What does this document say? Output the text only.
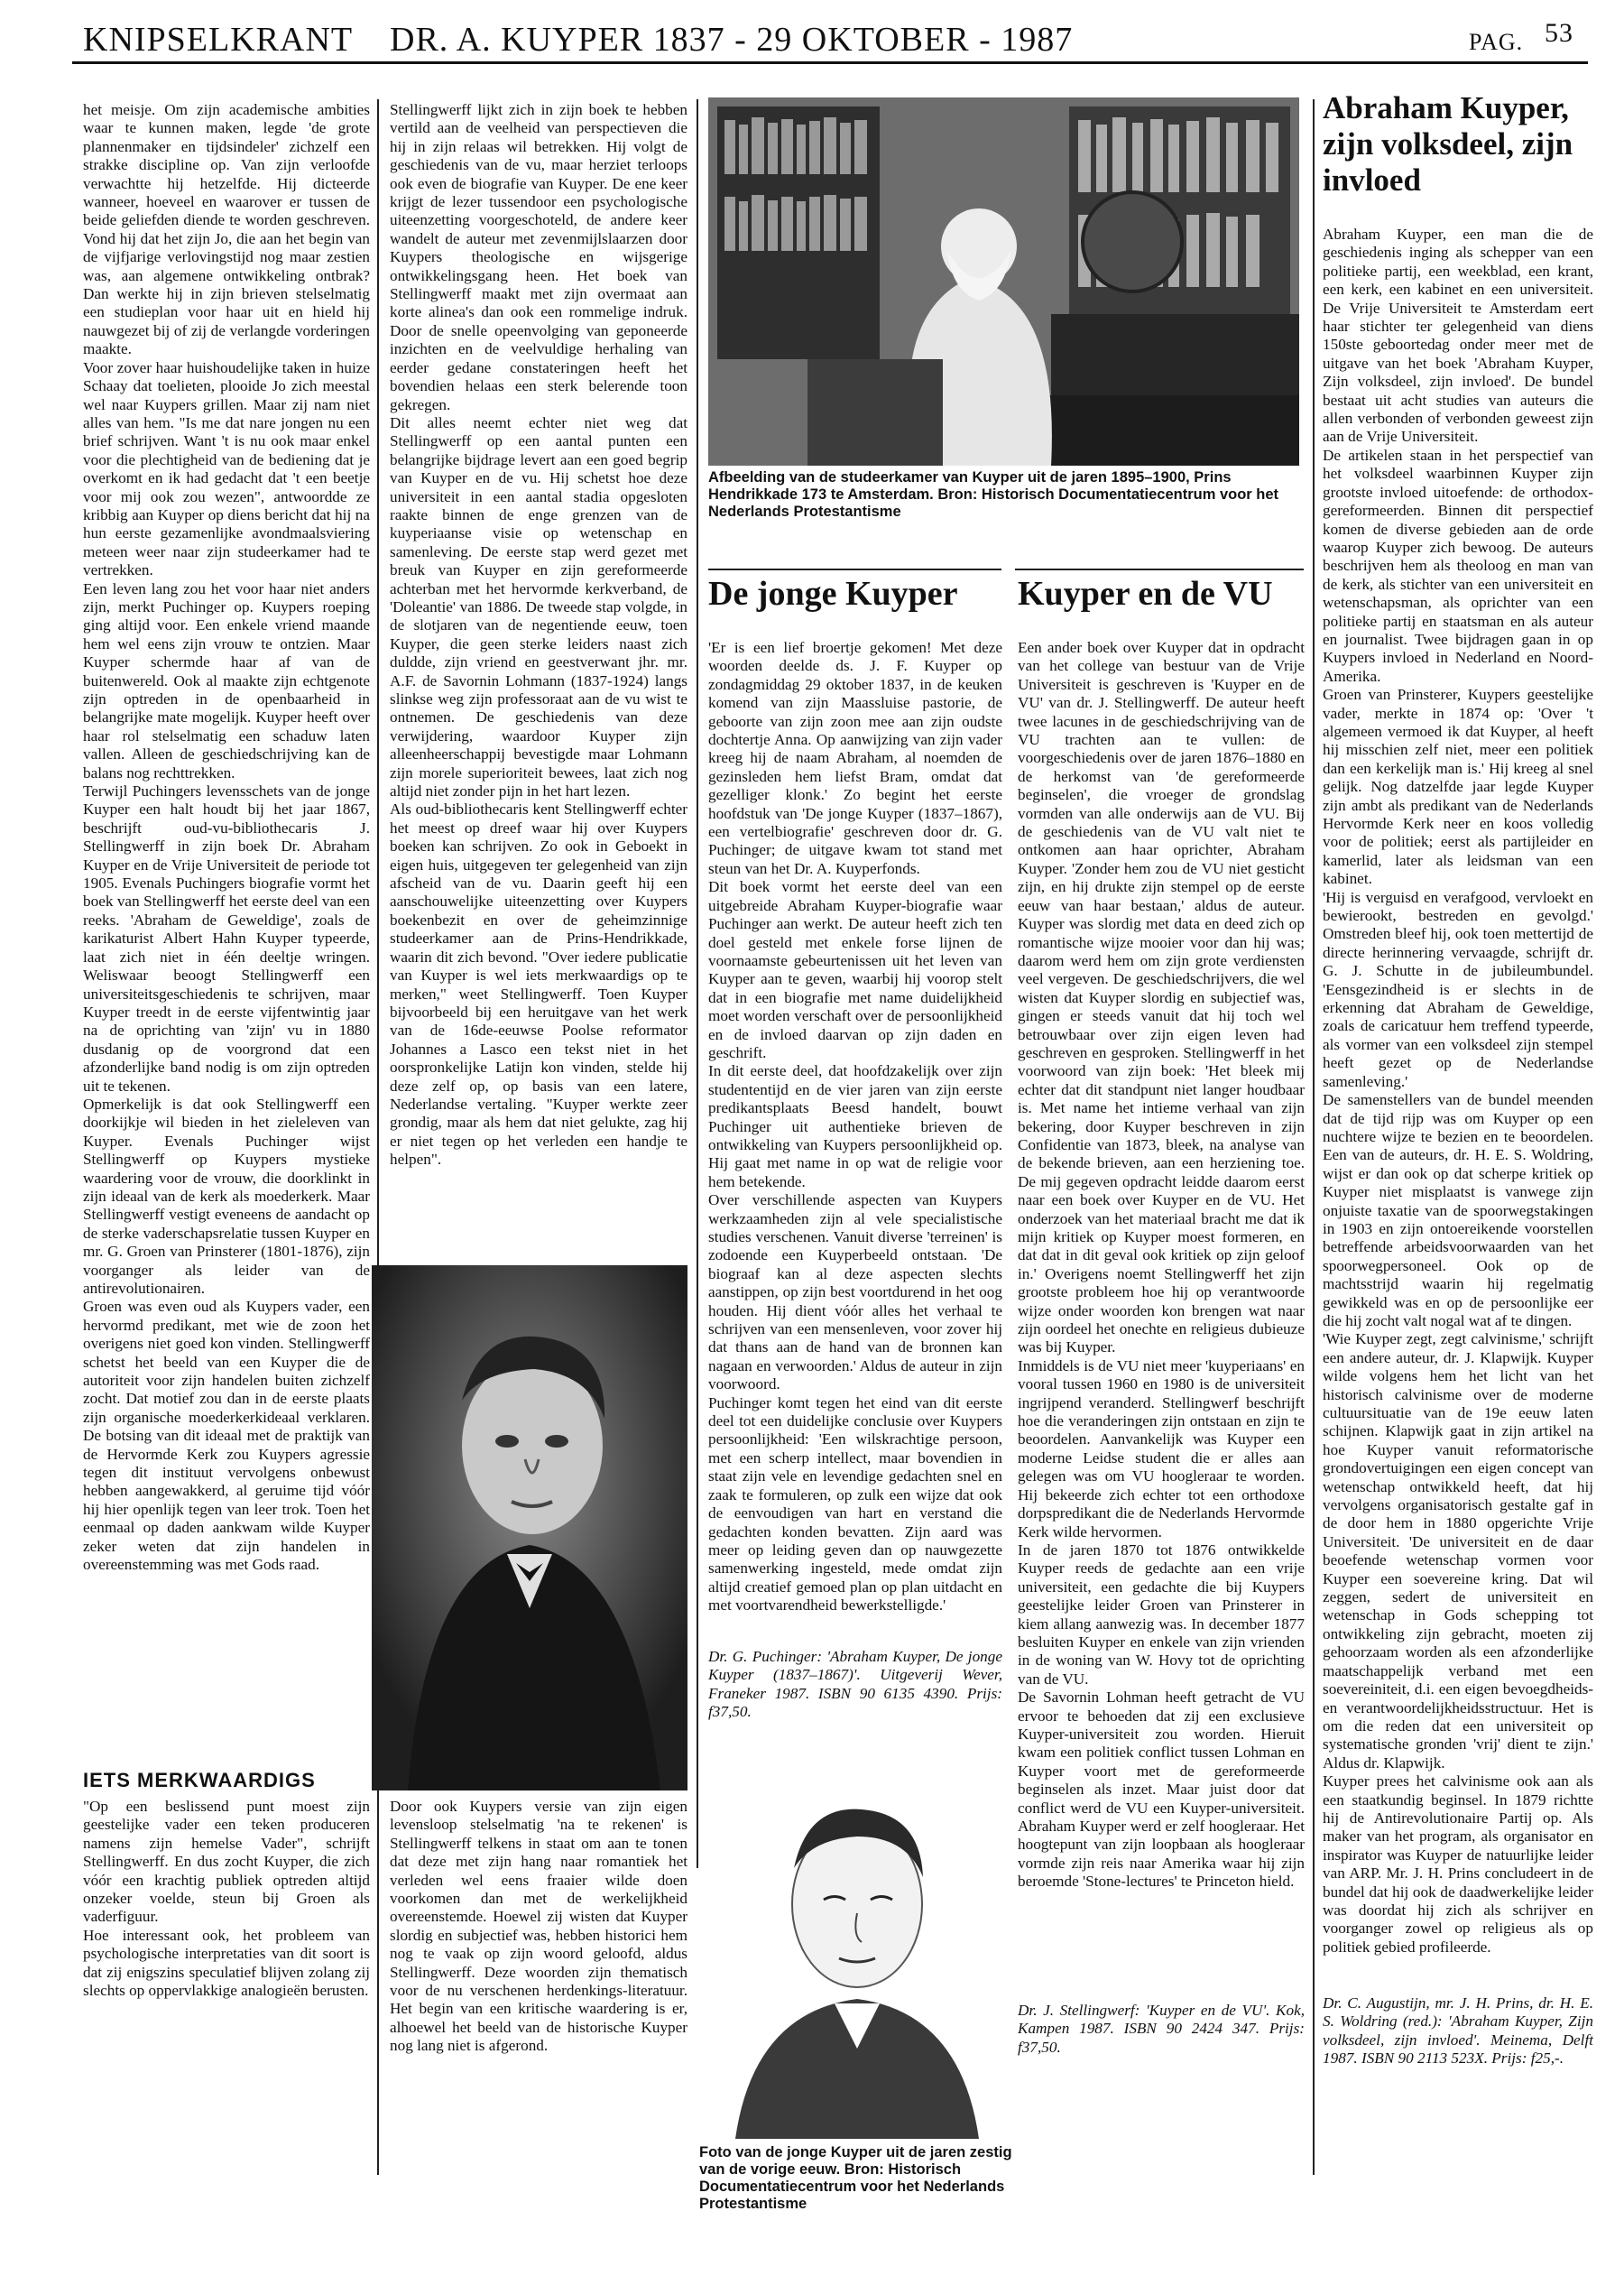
KNIPSELKRANT DR. A. KUYPER 1837 - 29 OKTOBER - 1987	PAG. 53

het meisje. Om zijn academische ambities waar te kunnen maken, legde 'de grote plannenmaker en tijdsindeler' zichzelf een strakke discipline op. Van zijn verloofde verwachtte hij hetzelfde. Hij dicteerde wanneer, hoeveel en waarover er tussen de beide geliefden diende te worden geschreven. Vond hij dat het zijn Jo, die aan het begin van de vijfjarige verlovingstijd nog maar zestien was, aan algemene ontwikkeling ontbrak? Dan werkte hij in zijn brieven stelselmatig een studieplan voor haar uit en hield hij nauwgezet bij of zij de verlangde vorderingen maakte.

Voor zover haar huishoudelijke taken in huize Schaay dat toelieten, plooide Jo zich meestal wel naar Kuypers grillen. Maar zij nam niet alles van hem. "Is me dat nare jongen nu een brief schrijven. Want 't is nu ook maar enkel voor die plechtigheid van de bediening dat je overkomt en ik had gedacht dat 't een beetje voor mij ook zou wezen", antwoordde ze kribbig aan Kuyper op diens bericht dat hij na hun eerste gezamenlijke avondmaalsviering meteen weer naar zijn studeerkamer had te vertrekken.

Een leven lang zou het voor haar niet anders zijn, merkt Puchinger op. Kuypers roeping ging altijd voor. Een enkele vriend maande hem wel eens zijn vrouw te ontzien. Maar Kuyper schermde haar af van de buitenwereld. Ook al maakte zijn echtgenote zijn optreden in de openbaarheid in belangrijke mate mogelijk. Kuyper heeft over haar rol stelselmatig een schaduw laten vallen. Alleen de geschiedschrijving kan de balans nog rechttrekken.

Terwijl Puchingers levensschets van de jonge Kuyper een halt houdt bij het jaar 1867, beschrijft oud-vu-bibliothecaris J. Stellingwerff in zijn boek Dr. Abraham Kuyper en de Vrije Universiteit de periode tot 1905. Evenals Puchingers biografie vormt het boek van Stellingwerff het eerste deel van een reeks. 'Abraham de Geweldige', zoals de karikaturist Albert Hahn Kuyper typeerde, laat zich niet in één deeltje wringen. Weliswaar beoogt Stellingwerff een universiteitsgeschiedenis te schrijven, maar Kuyper treedt in de eerste vijfentwintig jaar na de oprichting van 'zijn' vu in 1880 dusdanig op de voorgrond dat een afzonderlijke band nodig is om zijn optreden uit te tekenen.

Opmerkelijk is dat ook Stellingwerff een doorkijkje wil bieden in het zieleleven van Kuyper. Evenals Puchinger wijst Stellingwerff op Kuypers mystieke waardering voor de vrouw, die doorklinkt in zijn ideaal van de kerk als moederkerk. Maar Stellingwerff vestigt eveneens de aandacht op de sterke vaderschapsrelatie tussen Kuyper en mr. G. Groen van Prinsterer (1801-1876), zijn voorganger als leider van de antirevolutionairen.

Groen was even oud als Kuypers vader, een hervormd predikant, met wie de zoon het overigens niet goed kon vinden. Stellingwerff schetst het beeld van een Kuyper die de autoriteit voor zijn handelen buiten zichzelf zocht. Dat motief zou dan in de eerste plaats zijn organische moederkerkideaal verklaren. De botsing van dit ideaal met de praktijk van de Hervormde Kerk zou Kuypers agressie tegen dit instituut vervolgens onbewust hebben aangewakkerd, al geruime tijd vóór hij hier openlijk tegen van leer trok. Toen het eenmaal op daden aankwam wilde Kuyper zeker weten dat zijn handelen in overeenstemming was met Gods raad.

IETS MERKWAARDIGS

"Op een beslissend punt moest zijn geestelijke vader een teken produceren namens zijn hemelse Vader", schrijft Stellingwerff. En dus zocht Kuyper, die zich vóór een krachtig publiek optreden altijd onzeker voelde, steun bij Groen als vaderfiguur.

Hoe interessant ook, het probleem van psychologische interpretaties van dit soort is dat zij enigszins speculatief blijven zolang zij slechts op oppervlakkige analogieën berusten.

Stellingwerff lijkt zich in zijn boek te hebben vertild aan de veelheid van perspectieven die hij in zijn relaas wil betrekken. Hij volgt de geschiedenis van de vu, maar herziet terloops ook even de biografie van Kuyper. De ene keer krijgt de lezer tussendoor een psychologische uiteenzetting voorgeschoteld, de andere keer wandelt de auteur met zevenmijlslaarzen door Kuypers theologische en wijsgerige ontwikkelingsgang heen. Het boek van Stellingwerff maakt met zijn overmaat aan korte alinea's dan ook een rommelige indruk. Door de snelle opeenvolging van geponeerde inzichten en de veelvuldige herhaling van eerder gedane constateringen heeft het bovendien helaas een sterk belerende toon gekregen.

Dit alles neemt echter niet weg dat Stellingwerff op een aantal punten een belangrijke bijdrage levert aan een goed begrip van Kuyper en de vu. Hij schetst hoe deze universiteit in een aantal stadia opgesloten raakte binnen de enge grenzen van de kuyperiaanse visie op wetenschap en samenleving. De eerste stap werd gezet met breuk van Kuyper en zijn gereformeerde achterban met het hervormde kerkverband, de 'Doleantie' van 1886. De tweede stap volgde, in de slotjaren van de negentiende eeuw, toen Kuyper, die geen sterke leiders naast zich duldde, zijn vriend en geestverwant jhr. mr. A.F. de Savornin Lohmann (1837-1924) langs slinkse weg zijn professoraat aan de vu wist te ontnemen. De geschiedenis van deze verwijdering, waardoor Kuyper zijn alleenheerschappij bevestigde maar Lohmann zijn morele superioriteit bewees, laat zich nog altijd niet zonder pijn in het hart lezen.

Als oud-bibliothecaris kent Stellingwerff echter het meest op dreef waar hij over Kuypers boeken kan schrijven. Zo ook in Geboekt in eigen huis, uitgegeven ter gelegenheid van zijn afscheid van de vu. Daarin geeft hij een aanschouwelijke uiteenzetting over Kuypers boekenbezit en over de geheimzinnige studeerkamer aan de Prins-Hendrikkade, waarin dit zich bevond. "Over iedere publicatie van Kuyper is wel iets merkwaardigs op te merken," weet Stellingwerff. Toen Kuyper bijvoorbeeld bij een heruitgave van het werk van de 16de-eeuwse Poolse reformator Johannes a Lasco een tekst niet in het oorspronkelijke Latijn kon vinden, stelde hij deze zelf op, op basis van een latere, Nederlandse vertaling. "Kuyper werkte zeer grondig, maar als hem dat niet gelukte, zag hij er niet tegen op het verleden een handje te helpen".

Door ook Kuypers versie van zijn eigen levensloop stelselmatig 'na te rekenen' is Stellingwerff telkens in staat om aan te tonen dat deze met zijn hang naar romantiek het verleden wel eens fraaier wilde doen voorkomen dan met de werkelijkheid overeenstemde. Hoewel zij wisten dat Kuyper slordig en subjectief was, hebben historici hem nog te vaak op zijn woord geloofd, aldus Stellingwerff. Deze woorden zijn thematisch voor de nu verschenen herdenkings-literatuur. Het begin van een kritische waardering is er, alhoewel het beeld van de historische Kuyper nog lang niet is afgerond.

Afbeelding van de studeerkamer van Kuyper uit de jaren 1895–1900, Prins Hendrikkade 173 te Amsterdam. Bron: Historisch Documentatiecentrum voor het Nederlands Protestantisme
De jonge Kuyper

'Er is een lief broertje gekomen! Met deze woorden deelde ds. J. F. Kuyper op zondagmiddag 29 oktober 1837, in de keuken komend van zijn Maassluise pastorie, de geboorte van zijn zoon mee aan zijn oudste dochtertje Anna. Op aanwijzing van zijn vader kreeg hij de naam Abraham, al noemden de gezinsleden hem liefst Bram, omdat dat gezelliger klonk.' Zo begint het eerste hoofdstuk van 'De jonge Kuyper (1837–1867), een vertelbiografie' geschreven door dr. G. Puchinger; de uitgave kwam tot stand met steun van het Dr. A. Kuyperfonds.

Dit boek vormt het eerste deel van een uitgebreide Abraham Kuyper-biografie waar Puchinger aan werkt. De auteur heeft zich ten doel gesteld met enkele forse lijnen de voornaamste gebeurtenissen uit het leven van Kuyper aan te geven, waarbij hij voorop stelt dat in een biografie met name duidelijkheid moet worden verschaft over de persoonlijkheid en de invloed daarvan op zijn daden en geschrift.

In dit eerste deel, dat hoofdzakelijk over zijn studententijd en de vier jaren van zijn eerste predikantsplaats Beesd handelt, bouwt Puchinger uit authentieke brieven de ontwikkeling van Kuypers persoonlijkheid op. Hij gaat met name in op wat de religie voor hem betekende.

Over verschillende aspecten van Kuypers werkzaamheden zijn al vele specialistische studies verschenen. Vanuit diverse 'terreinen' is zodoende een Kuyperbeeld ontstaan. 'De biograaf kan al deze aspecten slechts aanstippen, op zijn best voortdurend in het oog houden. Hij dient vóór alles het verhaal te schrijven van een mensenleven, voor zover hij dat thans aan de hand van de bronnen kan nagaan en verwoorden.' Aldus de auteur in zijn voorwoord.

Puchinger komt tegen het eind van dit eerste deel tot een duidelijke conclusie over Kuypers persoonlijkheid: 'Een wilskrachtige persoon, met een scherp intellect, maar bovendien in staat zijn vele en levendige gedachten snel en zaak te formuleren, op zulk een wijze dat ook de eenvoudigen van hart en verstand die gedachten konden bevatten. Zijn aard was meer op leiding geven dan op nauwgezette samenwerking ingesteld, mede omdat zijn altijd creatief gemoed plan op plan uitdacht en met voortvarendheid bewerkstelligde.'

Dr. G. Puchinger: 'Abraham Kuyper, De jonge Kuyper (1837–1867)'. Uitgeverij Wever, Franeker 1987. ISBN 90 6135 4390. Prijs: f37,50.
Foto van de jonge Kuyper uit de jaren zestig van de vorige eeuw. Bron: Historisch Documentatiecentrum voor het Nederlands Protestantisme
Kuyper en de VU

Een ander boek over Kuyper dat in opdracht van het college van bestuur van de Vrije Universiteit is geschreven is 'Kuyper en de VU' van dr. J. Stellingwerff. De auteur heeft twee lacunes in de geschiedschrijving van de VU trachten aan te vullen: de voorgeschiedenis over de jaren 1876–1880 en de herkomst van 'de gereformeerde beginselen', die vroeger de grondslag vormden van alle onderwijs aan de VU. Bij de geschiedenis van de VU valt niet te ontkomen aan haar oprichter, Abraham Kuyper. 'Zonder hem zou de VU niet gesticht zijn, en hij drukte zijn stempel op de eerste eeuw van haar bestaan,' aldus de auteur. Kuyper was slordig met data en deed zich op romantische wijze mooier voor dan hij was; daarom werd hem om zijn grote verdiensten veel vergeven. De geschiedschrijvers, die wel wisten dat Kuyper slordig en subjectief was, gingen er steeds vanuit dat hij toch wel betrouwbaar over zijn eigen leven had geschreven en gesproken. Stellingwerff in het voorwoord van zijn boek: 'Het bleek mij echter dat dit standpunt niet langer houdbaar is. Met name het intieme verhaal van zijn bekering, door Kuyper beschreven in zijn Confidentie van 1873, bleek, na analyse van de bekende brieven, aan een herziening toe. De mij gegeven opdracht leidde daarom eerst naar een boek over Kuyper en de VU. Het onderzoek van het materiaal bracht me dat ik mijn kritiek op Kuyper moest formeren, en dat dat in dit geval ook kritiek op zijn geloof in.' Overigens noemt Stellingwerff het zijn grootste probleem hoe hij op verantwoorde wijze onder woorden kon brengen wat naar zijn oordeel het onechte en religieus dubieuze was bij Kuyper.

Inmiddels is de VU niet meer 'kuyperiaans' en vooral tussen 1960 en 1980 is de universiteit ingrijpend veranderd. Stellingwerf beschrijft hoe die veranderingen zijn ontstaan en zijn te beoordelen. Aanvankelijk was Kuyper een moderne Leidse student die er alles aan gelegen was om VU hoogleraar te worden. Hij bekeerde zich echter tot een orthodoxe dorpspredikant die de Nederlands Hervormde Kerk wilde hervormen.

In de jaren 1870 tot 1876 ontwikkelde Kuyper reeds de gedachte aan een vrije universiteit, een gedachte die bij Kuypers geestelijke leider Groen van Prinsterer in kiem allang aanwezig was. In december 1877 besluiten Kuyper en enkele van zijn vrienden in de woning van W. Hovy tot de oprichting van de VU.

De Savornin Lohman heeft getracht de VU ervoor te behoeden dat zij een exclusieve Kuyper-universiteit zou worden. Hieruit kwam een politiek conflict tussen Lohman en Kuyper voort met de gereformeerde beginselen als inzet. Maar juist door dat conflict werd de VU een Kuyper-universiteit. Abraham Kuyper werd er zelf hoogleraar. Het hoogtepunt van zijn loopbaan als hoogleraar vormde zijn reis naar Amerika waar hij zijn beroemde 'Stone-lectures' te Princeton hield.

Dr. J. Stellingwerf: 'Kuyper en de VU'. Kok, Kampen 1987. ISBN 90 2424 347. Prijs: f37,50.
Abraham Kuyper, zijn volksdeel, zijn invloed

Abraham Kuyper, een man die de geschiedenis inging als schepper van een politieke partij, een weekblad, een krant, een kerk, een kabinet en een universiteit. De Vrije Universiteit te Amsterdam eert haar stichter ter gelegenheid van diens 150ste geboortedag onder meer met de uitgave van het boek 'Abraham Kuyper, Zijn volksdeel, zijn invloed'. De bundel bestaat uit acht studies van auteurs die allen verbonden of verbonden geweest zijn aan de Vrije Universiteit.

De artikelen staan in het perspectief van het volksdeel waarbinnen Kuyper zijn grootste invloed uitoefende: de orthodox-gereformeerden. Binnen dit perspectief komen de diverse gebieden aan de orde waarop Kuyper zich bewoog. De auteurs beschrijven hem als theoloog en man van de kerk, als stichter van een universiteit en wetenschapsman, als oprichter van een politieke partij en staatsman en als auteur en journalist. Twee bijdragen gaan in op Kuypers invloed in Nederland en Noord-Amerika.

Groen van Prinsterer, Kuypers geestelijke vader, merkte in 1874 op: 'Over 't algemeen vermoed ik dat Kuyper, al heeft hij misschien zelf niet, meer een politiek dan een kerkelijk man is.' Hij kreeg al snel gelijk. Nog datzelfde jaar legde Kuyper zijn ambt als predikant van de Nederlands Hervormde Kerk neer en koos volledig voor de politiek; eerst als partijleider en kamerlid, later als leidsman van een kabinet.

'Hij is verguisd en verafgood, vervloekt en bewierookt, bestreden en gevolgd.' Omstreden bleef hij, ook toen mettertijd de directe herinnering vervaagde, schrijft dr. G. J. Schutte in de jubileumbundel. 'Eensgezindheid is er slechts in de erkenning dat Abraham de Geweldige, zoals de caricatuur hem treffend typeerde, als vormer van een volksdeel zijn stempel heeft gezet op de Nederlandse samenleving.'

De samenstellers van de bundel meenden dat de tijd rijp was om Kuyper op een nuchtere wijze te bezien en te beoordelen. Een van de auteurs, dr. H. E. S. Woldring, wijst er dan ook op dat scherpe kritiek op Kuyper niet misplaatst is vanwege zijn onjuiste taxatie van de spoorwegstakingen in 1903 en zijn ontoereikende voorstellen betreffende arbeidsvoorwaarden van het spoorwegpersoneel. Ook op de machtsstrijd waarin hij regelmatig gewikkeld was en op de persoonlijke eer die hij zocht valt nogal wat af te dingen.

'Wie Kuyper zegt, zegt calvinisme,' schrijft een andere auteur, dr. J. Klapwijk. Kuyper wilde volgens hem het licht van het historisch calvinisme over de moderne cultuursituatie van de 19e eeuw laten schijnen. Klapwijk gaat in zijn artikel na hoe Kuyper vanuit reformatorische grondovertuigingen een eigen concept van wetenschap ontwikkeld heeft, dat hij vervolgens organisatorisch gestalte gaf in de door hem in 1880 opgerichte Vrije Universiteit. 'De universiteit en de daar beoefende wetenschap vormen voor Kuyper een soevereine kring. Dat wil zeggen, sedert de universiteit en wetenschap in Gods schepping tot ontwikkeling zijn gebracht, moeten zij gehoorzaam worden als een afzonderlijke maatschappelijk verband met een soevereiniteit, d.i. een eigen bevoegdheids- en verantwoordelijkheidsstructuur. Het is om die reden dat een universiteit op systematische gronden 'vrij' dient te zijn.' Aldus dr. Klapwijk.

Kuyper prees het calvinisme ook aan als een staatkundig beginsel. In 1879 richtte hij de Antirevolutionaire Partij op. Als maker van het program, als organisator en inspirator was Kuyper de natuurlijke leider van ARP. Mr. J. H. Prins concludeert in de bundel dat hij ook de daadwerkelijke leider was doordat hij zich als schrijver en voorganger zowel op religieus als op politiek gebied profileerde.

Dr. C. Augustijn, mr. J. H. Prins, dr. H. E. S. Woldring (red.): 'Abraham Kuyper, Zijn volksdeel, zijn invloed'. Meinema, Delft 1987. ISBN 90 2113 523X. Prijs: f25,-.
